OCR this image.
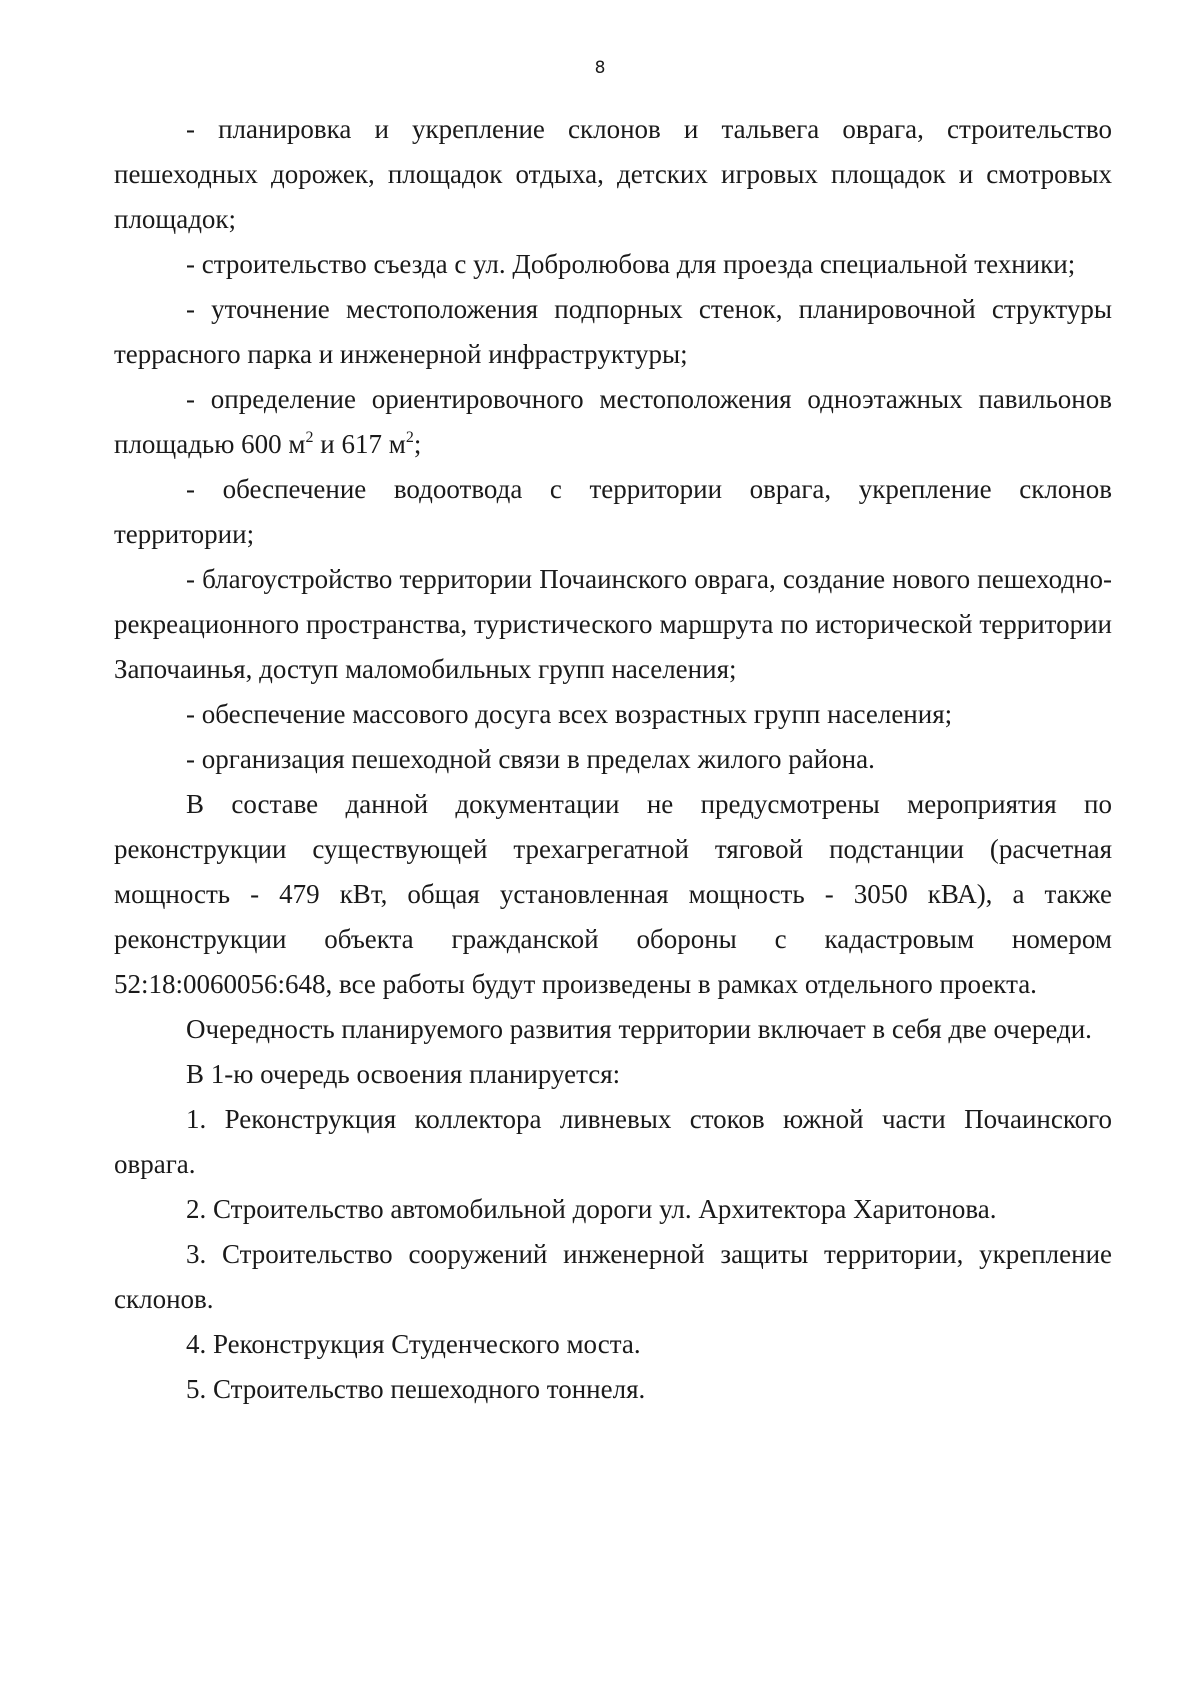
8

- планировка и укрепление склонов и тальвега оврага, строительство пешеходных дорожек, площадок отдыха, детских игровых площадок и смотровых площадок;

- строительство съезда с ул. Добролюбова для проезда специальной техники;

- уточнение местоположения подпорных стенок, планировочной структуры террасного парка и инженерной инфраструктуры;

- определение ориентировочного местоположения одноэтажных павильонов площадью 600 $м^2$ и 617 $м^2$;

- обеспечение водоотвода с территории оврага, укрепление склонов территории;

- благоустройство территории Почаинского оврага, создание нового пешеходно-рекреационного пространства, туристического маршрута по исторической территории Започаинья, доступ маломобильных групп населения;

- обеспечение массового досуга всех возрастных групп населения;

- организация пешеходной связи в пределах жилого района.

В составе данной документации не предусмотрены мероприятия по реконструкции существующей трехагрегатной тяговой подстанции (расчетная мощность - 479 кВт, общая установленная мощность - 3050 кВА), а также реконструкции объекта гражданской обороны с кадастровым номером 52:18:0060056:648, все работы будут произведены в рамках отдельного проекта.

Очередность планируемого развития территории включает в себя две очереди.

В 1-ю очередь освоения планируется:

1. Реконструкция коллектора ливневых стоков южной части Почаинского оврага.

2. Строительство автомобильной дороги ул. Архитектора Харитонова.

3. Строительство сооружений инженерной защиты территории, укрепление склонов.

4. Реконструкция Студенческого моста.

5. Строительство пешеходного тоннеля.
